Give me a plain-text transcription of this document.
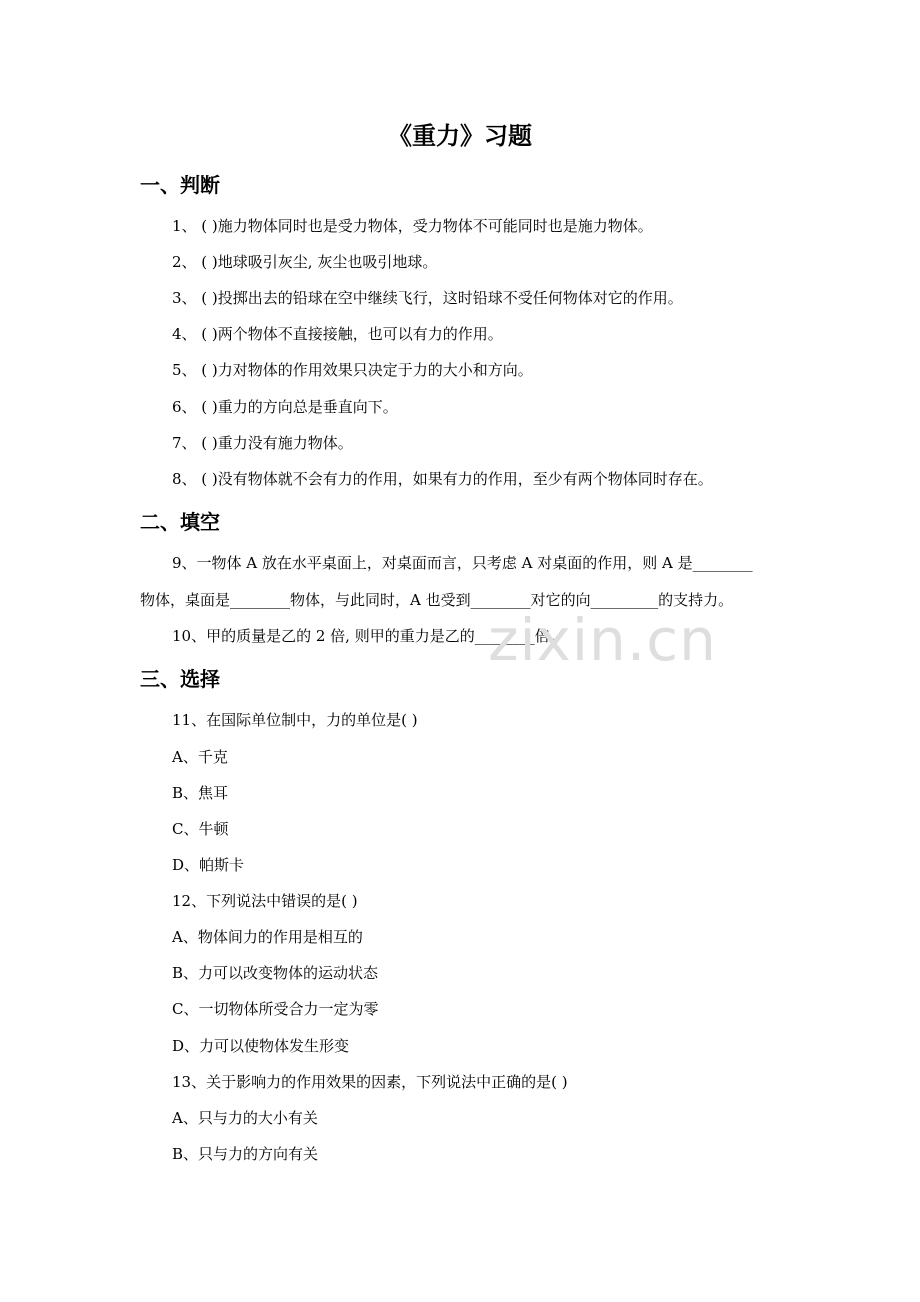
《重力》习题
一、判断
1、 ( )施力物体同时也是受力物体，受力物体不可能同时也是施力物体。
2、 ( )地球吸引灰尘, 灰尘也吸引地球。
3、 ( )投掷出去的铅球在空中继续飞行，这时铅球不受任何物体对它的作用。
4、 ( )两个物体不直接接触，也可以有力的作用。
5、 ( )力对物体的作用效果只决定于力的大小和方向。
6、 ( )重力的方向总是垂直向下。
7、 ( )重力没有施力物体。
8、 ( )没有物体就不会有力的作用，如果有力的作用，至少有两个物体同时存在。
二、填空
9、一物体 A 放在水平桌面上，对桌面而言，只考虑 A 对桌面的作用，则 A 是________
物体，桌面是________物体，与此同时，A 也受到________对它的向_________的支持力。
10、甲的质量是乙的 2 倍, 则甲的重力是乙的________倍。
三、选择
11、在国际单位制中，力的单位是( )
A、千克
B、焦耳
C、牛顿
D、帕斯卡
12、下列说法中错误的是( )
A、物体间力的作用是相互的
B、力可以改变物体的运动状态
C、一切物体所受合力一定为零
D、力可以使物体发生形变
13、关于影响力的作用效果的因素，下列说法中正确的是( )
A、只与力的大小有关
B、只与力的方向有关
zixin.cn
